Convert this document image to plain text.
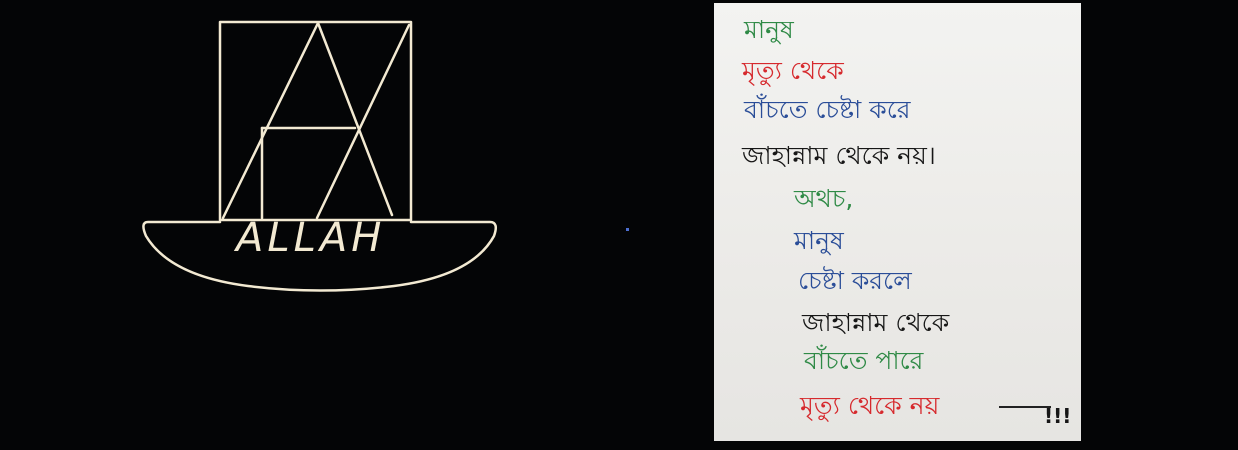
ALLAH
মানুষ
মৃত্যু থেকে
বাঁচতে চেষ্টা করে
জাহান্নাম থেকে নয়।
অথচ,
মানুষ
চেষ্টা করলে
জাহান্নাম থেকে
বাঁচতে পারে
মৃত্যু থেকে নয়	!!!
